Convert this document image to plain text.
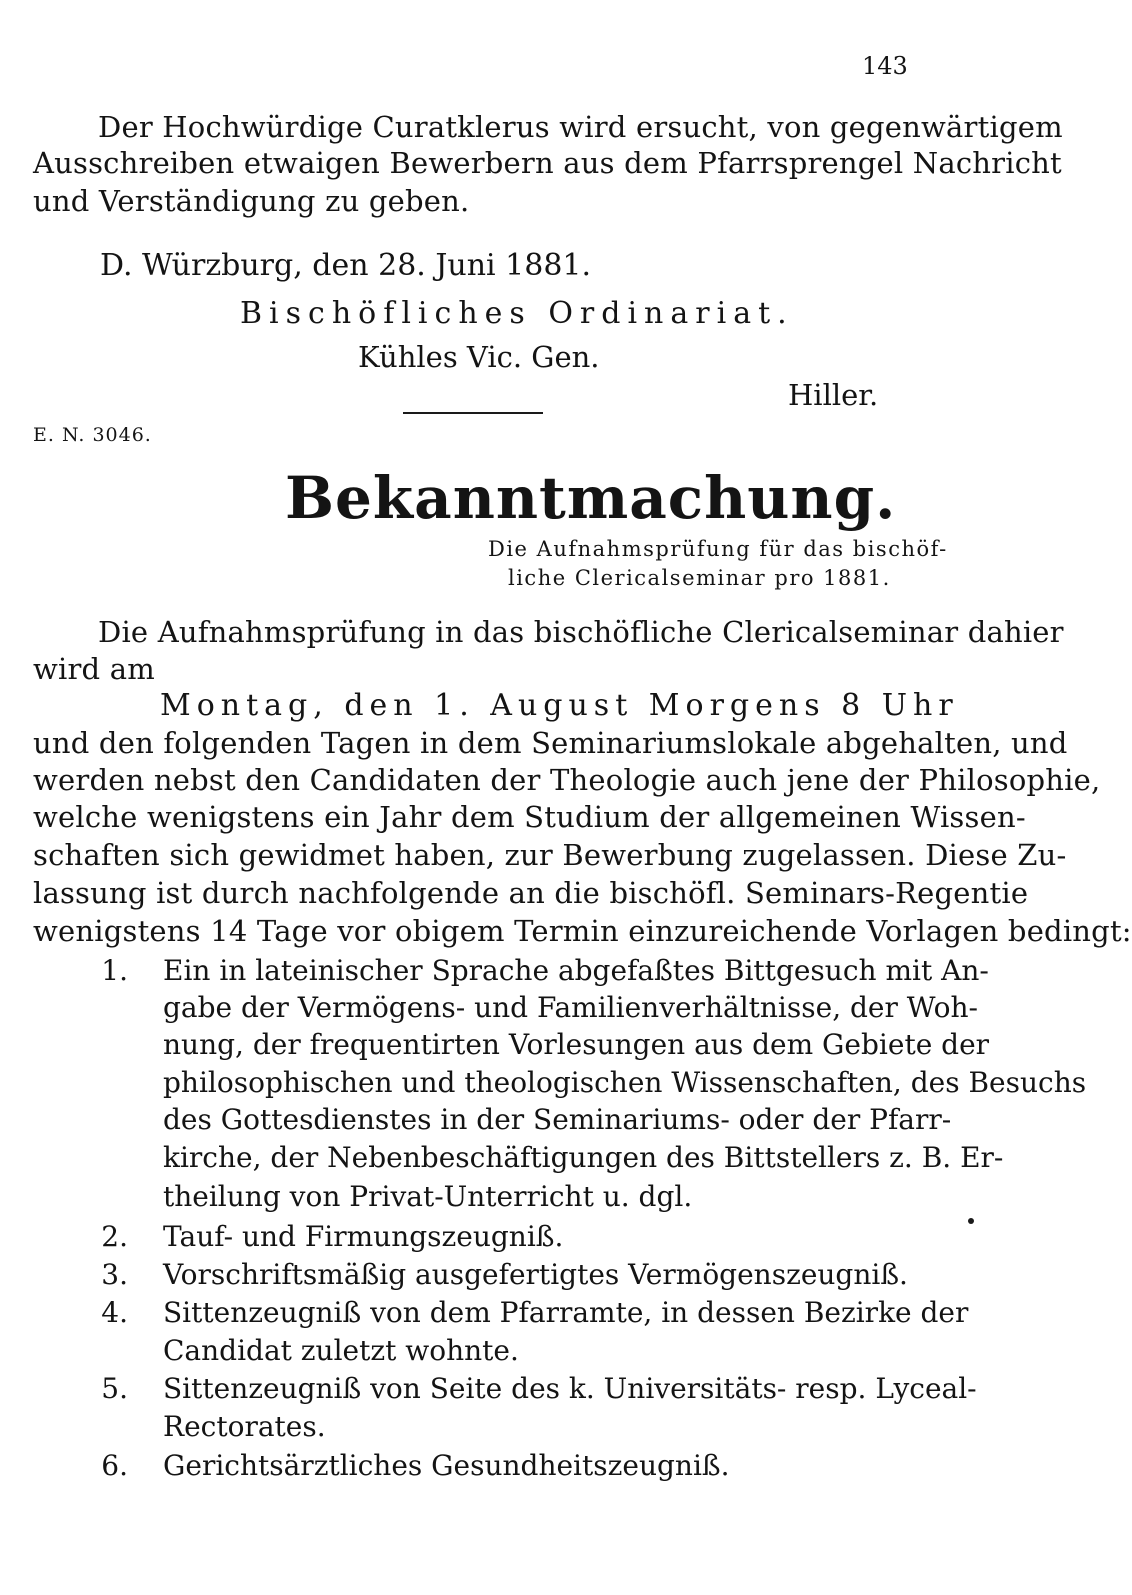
143
Der Hochwürdige Curatklerus wird ersucht, von gegenwärtigem
Ausschreiben etwaigen Bewerbern aus dem Pfarrsprengel Nachricht
und Verständigung zu geben.
D. Würzburg, den 28. Juni 1881.
Bischöfliches Ordinariat.
Kühles Vic. Gen.
Hiller.
E. N. 3046.
Bekanntmachung.
Die Aufnahmsprüfung für das bischöf-
liche Clericalseminar pro 1881.
Die Aufnahmsprüfung in das bischöfliche Clericalseminar dahier
wird am
Montag, den 1. August Morgens 8 Uhr
und den folgenden Tagen in dem Seminariumslokale abgehalten, und
werden nebst den Candidaten der Theologie auch jene der Philosophie,
welche wenigstens ein Jahr dem Studium der allgemeinen Wissen-
schaften sich gewidmet haben, zur Bewerbung zugelassen. Diese Zu-
lassung ist durch nachfolgende an die bischöfl. Seminars-Regentie
wenigstens 14 Tage vor obigem Termin einzureichende Vorlagen bedingt:
1. Ein in lateinischer Sprache abgefaßtes Bittgesuch mit An-
gabe der Vermögens- und Familienverhältnisse, der Woh-
nung, der frequentirten Vorlesungen aus dem Gebiete der
philosophischen und theologischen Wissenschaften, des Besuchs
des Gottesdienstes in der Seminariums- oder der Pfarr-
kirche, der Nebenbeschäftigungen des Bittstellers z. B. Er-
theilung von Privat-Unterricht u. dgl.
2. Tauf- und Firmungszeugniß.
3. Vorschriftsmäßig ausgefertigtes Vermögenszeugniß.
4. Sittenzeugniß von dem Pfarramte, in dessen Bezirke der
Candidat zuletzt wohnte.
5. Sittenzeugniß von Seite des k. Universitäts- resp. Lyceal-
Rectorates.
6. Gerichtsärztliches Gesundheitszeugniß.
